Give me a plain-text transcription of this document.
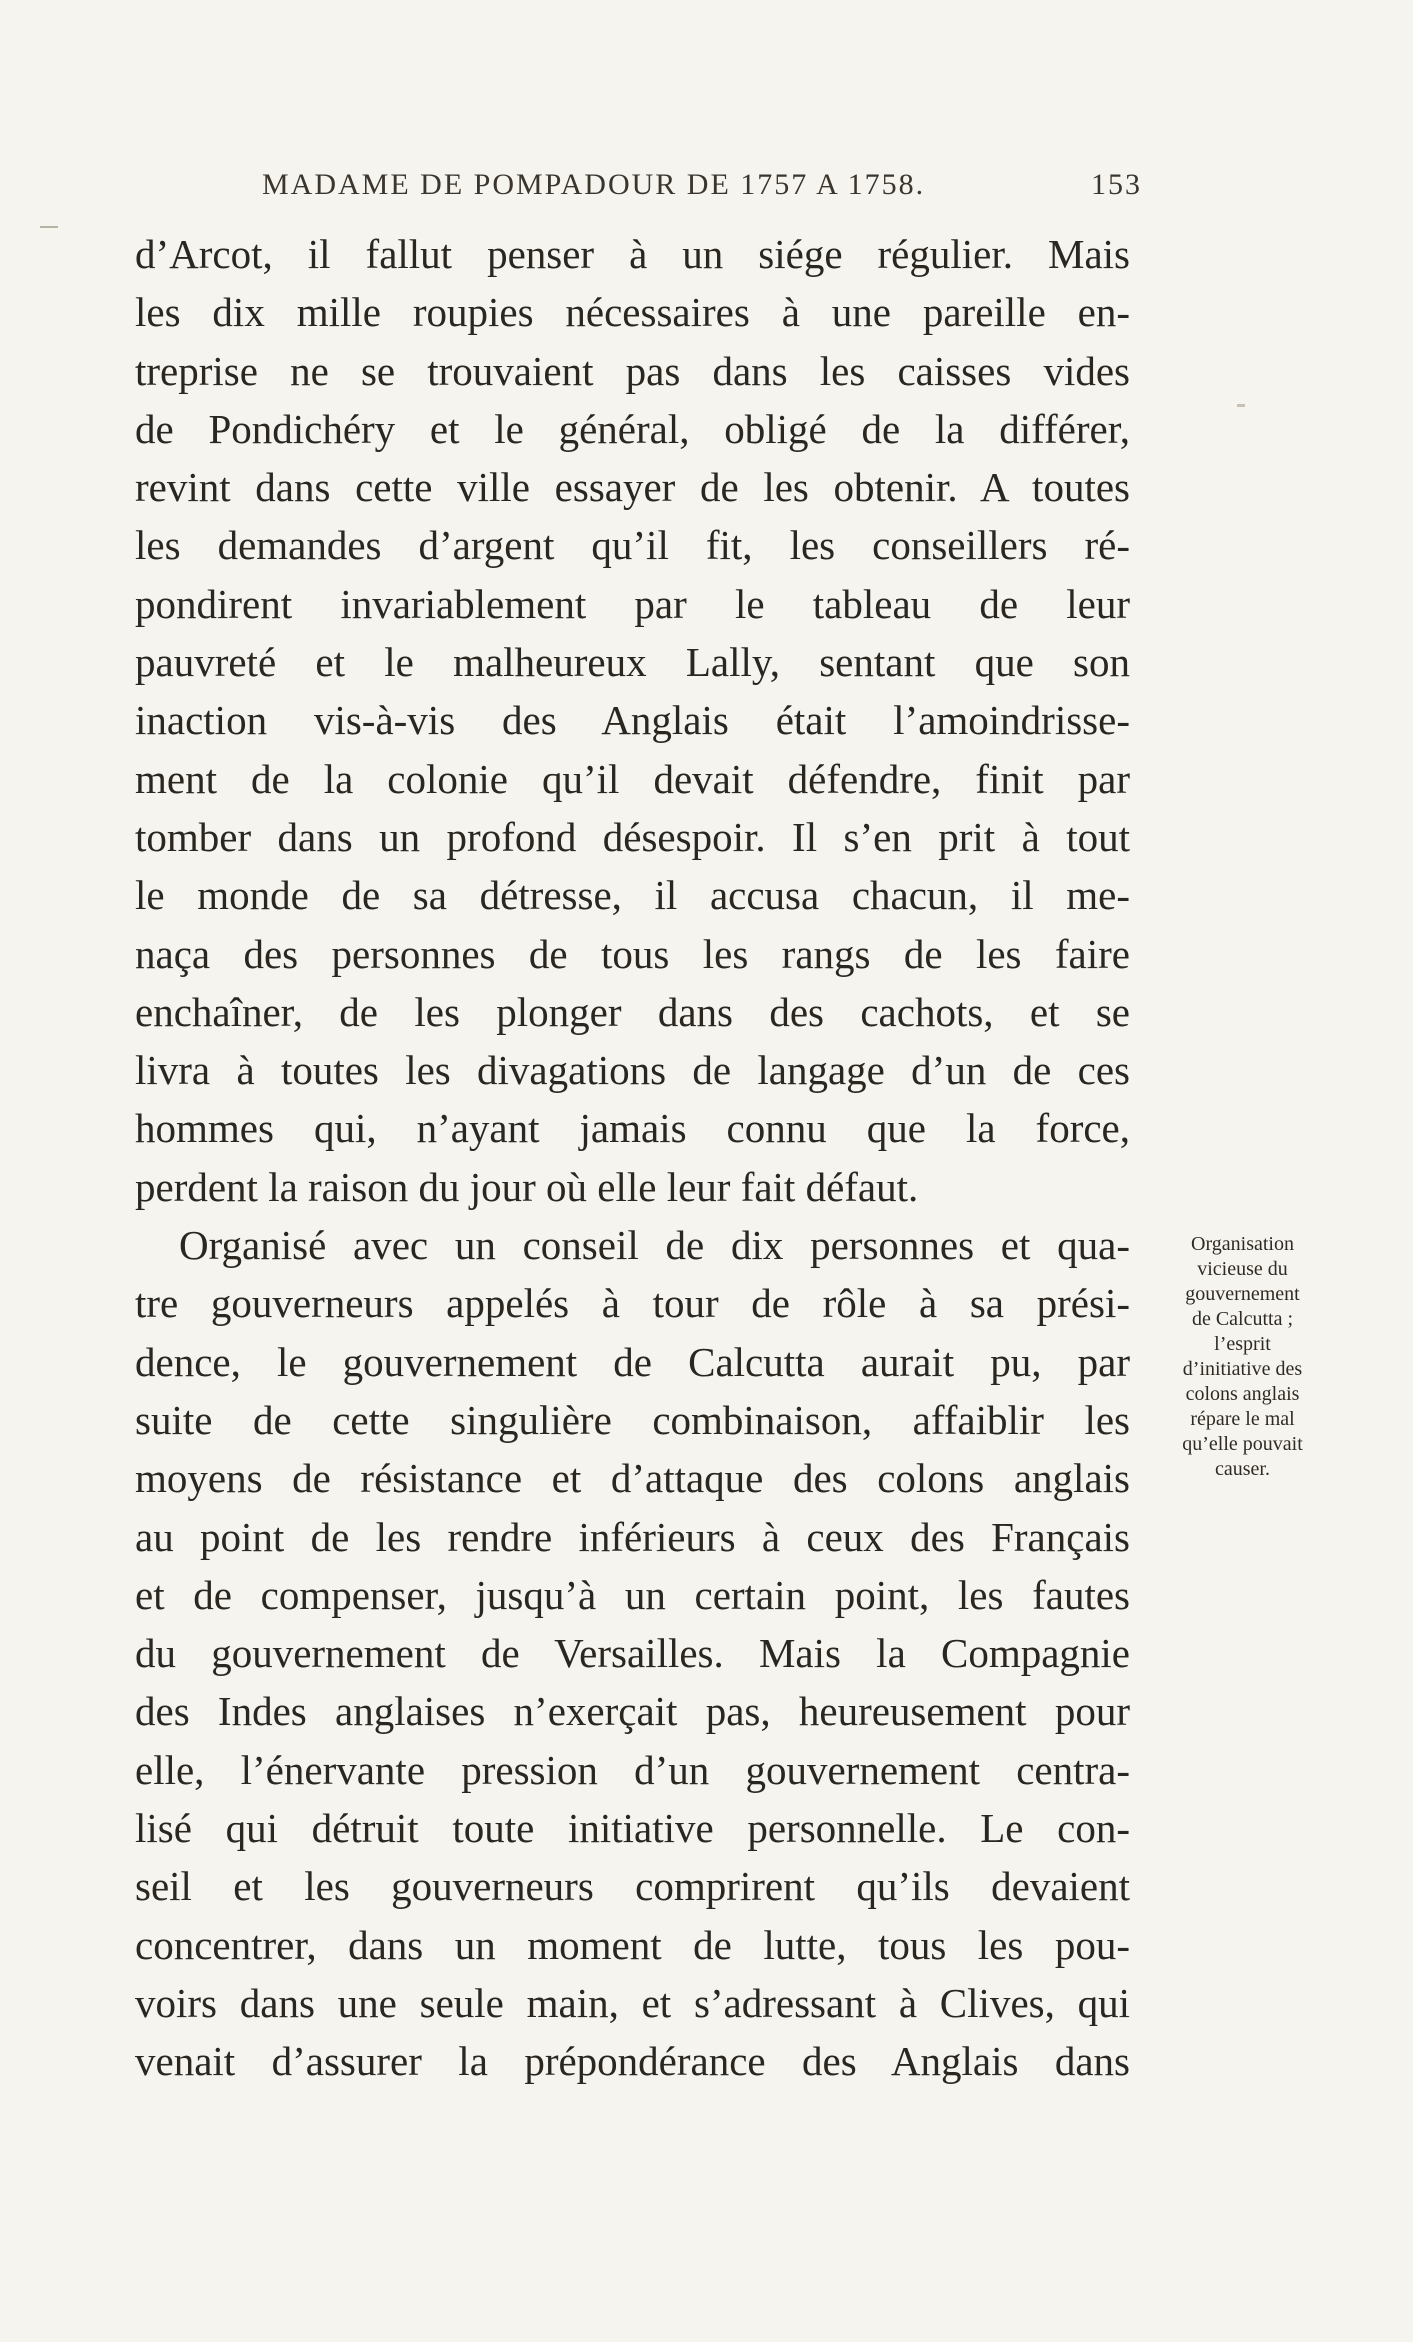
MADAME DE POMPADOUR DE 1757 A 1758.	153
d’Arcot, il fallut penser à un siége régulier. Mais
les dix mille roupies nécessaires à une pareille en-
treprise ne se trouvaient pas dans les caisses vides
de Pondichéry et le général, obligé de la différer,
revint dans cette ville essayer de les obtenir. A toutes
les demandes d’argent qu’il fit, les conseillers ré-
pondirent invariablement par le tableau de leur
pauvreté et le malheureux Lally, sentant que son
inaction vis-à-vis des Anglais était l’amoindrisse-
ment de la colonie qu’il devait défendre, finit par
tomber dans un profond désespoir. Il s’en prit à tout
le monde de sa détresse, il accusa chacun, il me-
naça des personnes de tous les rangs de les faire
enchaîner, de les plonger dans des cachots, et se
livra à toutes les divagations de langage d’un de ces
hommes qui, n’ayant jamais connu que la force,
perdent la raison du jour où elle leur fait défaut.
Organisé avec un conseil de dix personnes et qua-
tre gouverneurs appelés à tour de rôle à sa prési-
dence, le gouvernement de Calcutta aurait pu, par
suite de cette singulière combinaison, affaiblir les
moyens de résistance et d’attaque des colons anglais
au point de les rendre inférieurs à ceux des Français
et de compenser, jusqu’à un certain point, les fautes
du gouvernement de Versailles. Mais la Compagnie
des Indes anglaises n’exerçait pas, heureusement pour
elle, l’énervante pression d’un gouvernement centra-
lisé qui détruit toute initiative personnelle. Le con-
seil et les gouverneurs comprirent qu’ils devaient
concentrer, dans un moment de lutte, tous les pou-
voirs dans une seule main, et s’adressant à Clives, qui
venait d’assurer la prépondérance des Anglais dans
Organisation
vicieuse du
gouvernement
de Calcutta ;
l’esprit
d’initiative des
colons anglais
répare le mal
qu’elle pouvait
causer.
